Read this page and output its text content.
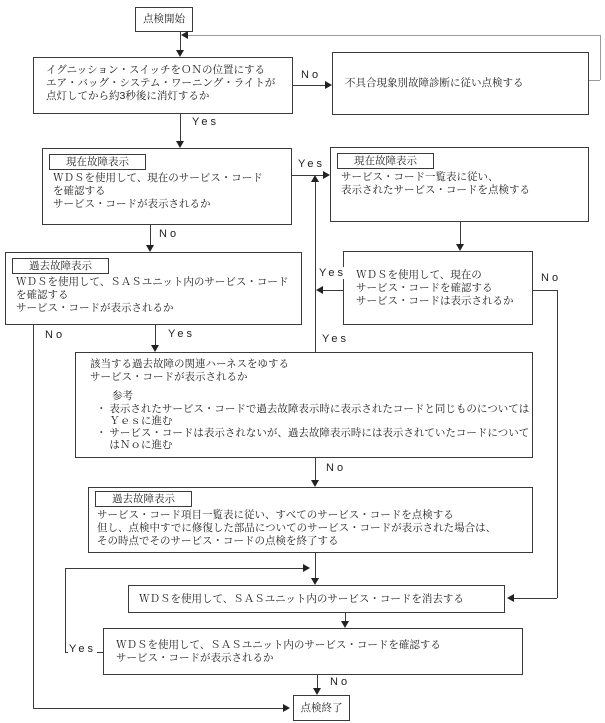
点検開始
イグニッション・スイッチをＯＮの位置にする
エア・バッグ・システム・ワーニング・ライトが
点灯してから約3秒後に消灯するか
不具合現象別故障診断に従い点検する
現在故障表示
ＷＤＳを使用して、現在のサービス・コード
を確認する
サービス・コードが表示されるか
現在故障表示
サービス・コード一覧表に従い、
表示されたサービス・コードを点検する
過去故障表示
ＷＤＳを使用して、ＳＡＳユニット内のサービス・コード
を確認する
サービス・コードが表示されるか
ＷＤＳを使用して、現在の
サービス・コードを確認する
サービス・コードは表示されるか
該当する過去故障の関連ハーネスをゆする
サービス・コードが表示されるか
参考
・ 表示されたサービス・コードで過去故障表示時に表示されたコードと同じものについては
　 Ｙｅｓに進む
・ サービス・コードは表示されないが、過去故障表示時には表示されていたコードについて
　 はＮｏに進む
過去故障表示
サービス・コード項目一覧表に従い、すべてのサービス・コードを点検する
但し、点検中すでに修復した部品についてのサービス・コードが表示された場合は、
その時点でそのサービス・コードの点検を終了する
ＷＤＳを使用して、ＳＡＳユニット内のサービス・コードを消去する
ＷＤＳを使用して、ＳＡＳユニット内のサービス・コードを確認する
サービス・コードが表示されるか
点検終了
No
Yes
Yes
Yes
No
Yes	No
No	Yes
No
Yes
No
